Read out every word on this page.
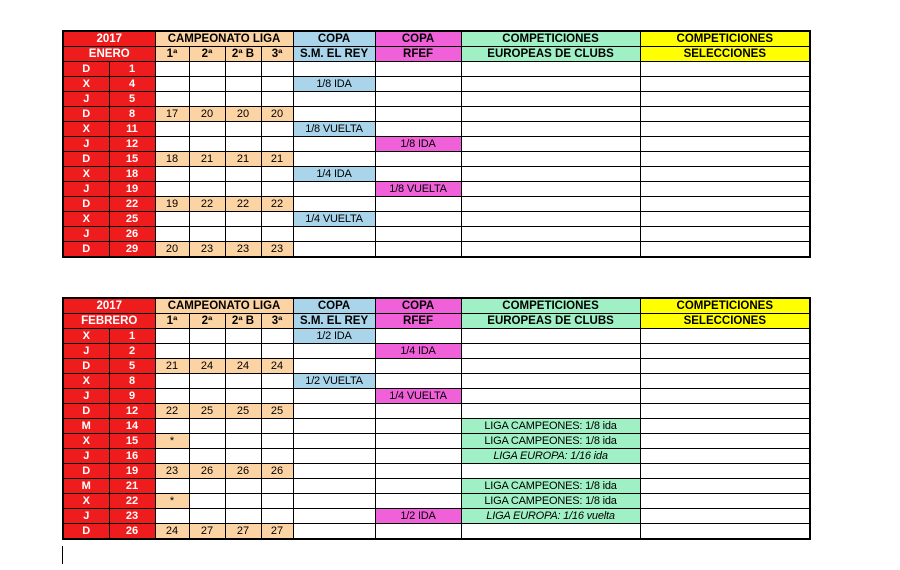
2017		CAMPEONATO LIGA				COPA	COPA	COMPETICIONES	COMPETICIONES
ENERO		1ª	2ª	2ª B	3ª	S.M. EL REY	RFEF	EUROPEAS DE CLUBS	SELECCIONES
D	1								
X	4					1/8 IDA			
J	5								
D	8	17	20	20	20				
X	11					1/8 VUELTA			
J	12						1/8 IDA		
D	15	18	21	21	21				
X	18					1/4 IDA			
J	19						1/8 VUELTA		
D	22	19	22	22	22				
X	25					1/4 VUELTA			
J	26								
D	29	20	23	23	23				
2017		CAMPEONATO LIGA				COPA	COPA	COMPETICIONES	COMPETICIONES
FEBRERO		1ª	2ª	2ª B	3ª	S.M. EL REY	RFEF	EUROPEAS DE CLUBS	SELECCIONES
X	1					1/2 IDA			
J	2						1/4 IDA		
D	5	21	24	24	24				
X	8					1/2 VUELTA			
J	9						1/4 VUELTA		
D	12	22	25	25	25				
M	14							LIGA CAMPEONES: 1/8 ida	
X	15	*						LIGA CAMPEONES: 1/8 ida	
J	16							LIGA EUROPA: 1/16 ida	
D	19	23	26	26	26				
M	21							LIGA CAMPEONES: 1/8 ida	
X	22	*						LIGA CAMPEONES: 1/8 ida	
J	23						1/2 IDA	LIGA EUROPA: 1/16 vuelta	
D	26	24	27	27	27				
